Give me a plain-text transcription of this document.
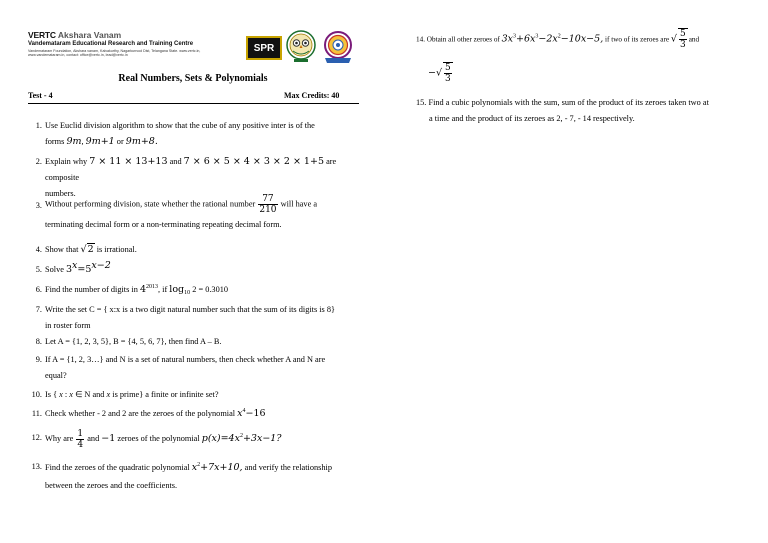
VERTC Akshara Vanam
Vandemataram Educational Research and Training Centre
Vandemataram Foundation, Akshara vanam, Kalvakurthy, Nagarkurnool Dist, Telangana State. www.vertc.in, www.vandemataram.in, contact: office@vertc.in, lead@vertc.in
SPR
Real Numbers, Sets & Polynomials
Test - 4	Max Credits: 40
1. Use Euclid division algorithm to show that the cube of any positive inter is of the
forms 9m, 9m+1 or 9m+8.
2. Explain why 7 × 11 × 13+13 and 7 × 6 × 5 × 4 × 3 × 2 × 1+5 are composite
numbers.
3. Without performing division, state whether the rational number $\frac{77}{210}$ will have a
terminating decimal form or a non-terminating repeating decimal form.
4. Show that √2 is irrational.
5. Solve $3^x=5^{x-2}$
6. Find the number of digits in $4^{2013}$, if $\log_{10} 2 = 0.3010$
7. Write the set C = { x:x is a two digit natural number such that the sum of its digits is 8}
in roster form
8. Let A = {1, 2, 3, 5}, B = {4, 5, 6, 7}, then find A – B.
9. If A = {1, 2, 3…} and N is a set of natural numbers, then check whether A and N are
equal?
10. Is { x : x ∈ N and x is prime} a finite or infinite set?
11. Check whether - 2 and 2 are the zeroes of the polynomial $x^4-16$
12. Why are $\frac{1}{4}$ and −1 zeroes of the polynomial $p(x)=4x^2+3x-1$?
13. Find the zeroes of the quadratic polynomial $x^2+7x+10$, and verify the relationship
between the zeroes and the coefficients.
14. Obtain all other zeroes of $3x^3+6x^3-2x^2-10x-5$, if two of its zeroes are √ $\frac{5}{3}$ and
−√ $\frac{5}{3}$
15. Find a cubic polynomials with the sum, sum of the product of its zeroes taken two at
a time and the product of its zeroes as 2, - 7, - 14 respectively.
